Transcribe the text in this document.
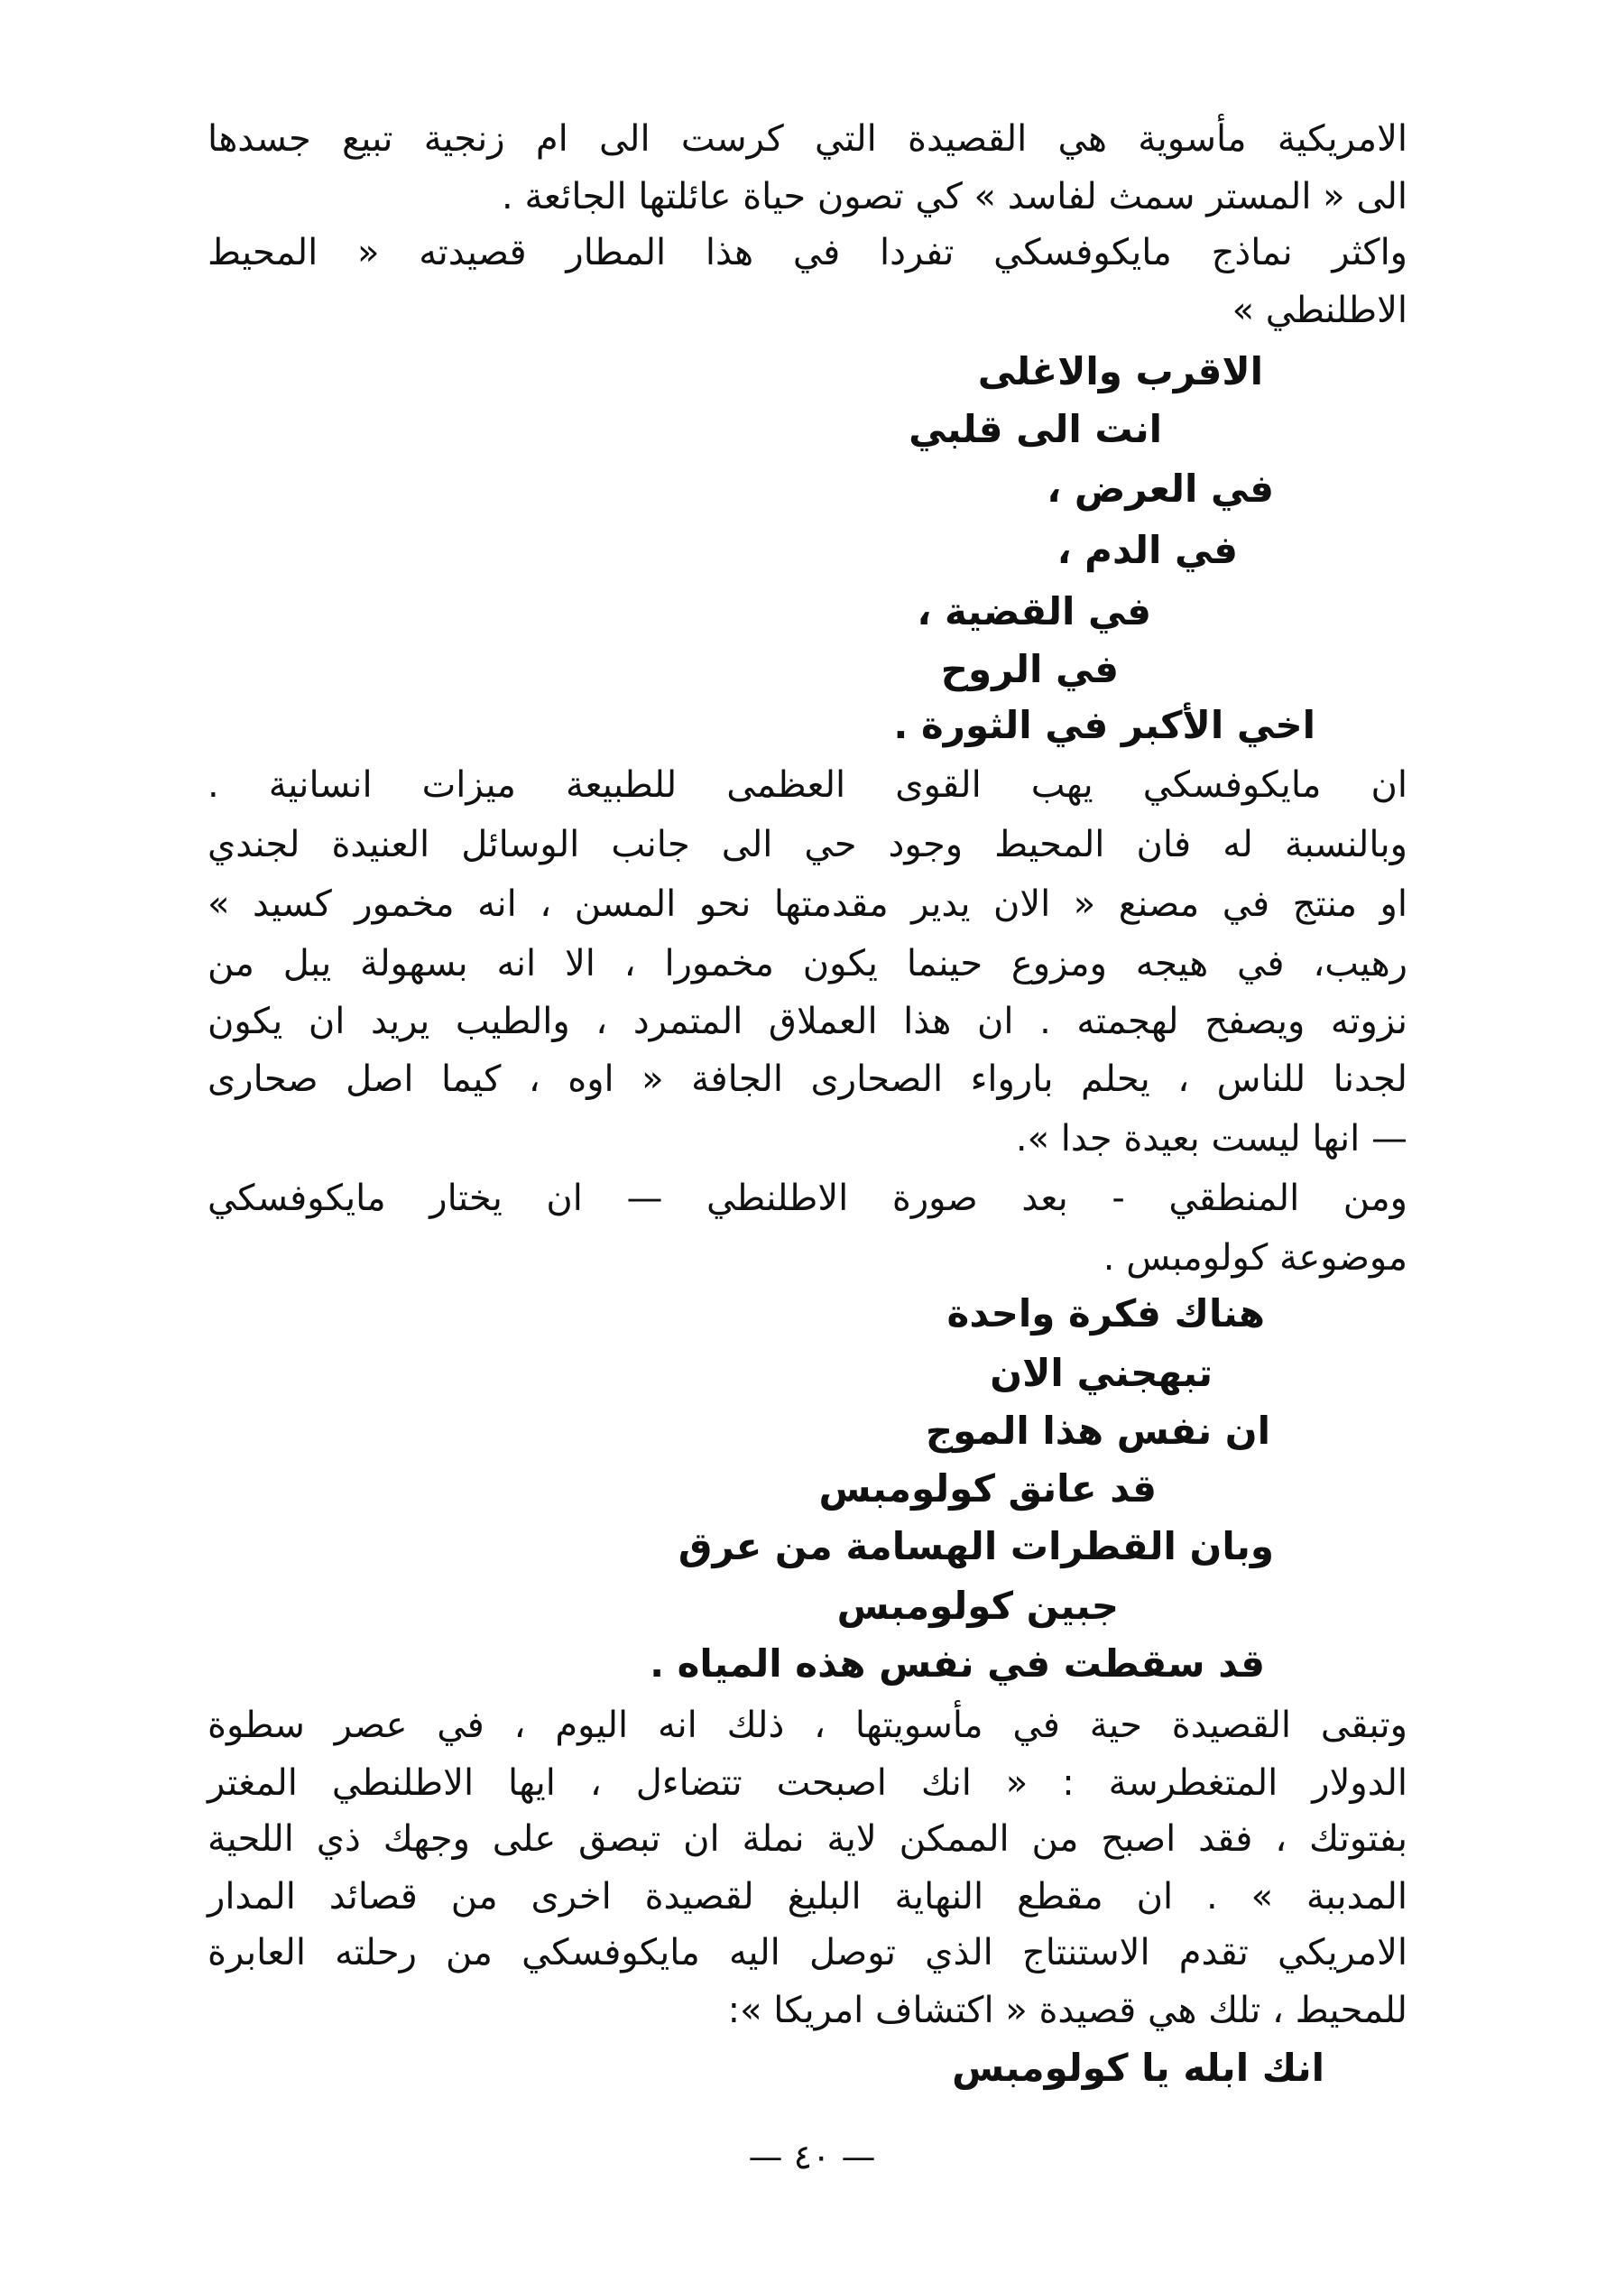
الامريكية مأسوية هي القصيدة التي كرست الى ام زنجية تبيع جسدها

الى « المستر سمث لفاسد » كي تصون حياة عائلتها الجائعة .

واكثر نماذج مايكوفسكي تفردا في هذا المطار قصيدته « المحيط

الاطلنطي »

الاقرب والاغلى

انت الى قلبي

في العرض ،

في الدم ،

في القضية ،

في الروح

اخي الأكبر في الثورة .

ان مايكوفسكي يهب القوى العظمى للطبيعة ميزات انسانية .

وبالنسبة له فان المحيط وجود حي الى جانب الوسائل العنيدة لجندي

او منتج في مصنع « الان يدير مقدمتها نحو المسن ، انه مخمور كسيد »

رهيب، في هيجه ومزوع حينما يكون مخمورا ، الا انه بسهولة يبل من

نزوته ويصفح لهجمته . ان هذا العملاق المتمرد ، والطيب يريد ان يكون

لجدنا للناس ، يحلم بارواء الصحارى الجافة « اوه ، كيما اصل صحارى

— انها ليست بعيدة جدا ».

ومن المنطقي - بعد صورة الاطلنطي — ان يختار مايكوفسكي

موضوعة كولومبس .

هناك فكرة واحدة

تبهجني الان

ان نفس هذا الموج

قد عانق كولومبس

وبان القطرات الهسامة من عرق

جبين كولومبس

قد سقطت في نفس هذه المياه .

وتبقى القصيدة حية في مأسويتها ، ذلك انه اليوم ، في عصر سطوة

الدولار المتغطرسة : « انك اصبحت تتضاءل ، ايها الاطلنطي المغتر

بفتوتك ، فقد اصبح من الممكن لاية نملة ان تبصق على وجهك ذي اللحية

المدببة » . ان مقطع النهاية البليغ لقصيدة اخرى من قصائد المدار

الامريكي تقدم الاستنتاج الذي توصل اليه مايكوفسكي من رحلته العابرة

للمحيط ، تلك هي قصيدة « اكتشاف امريكا »:

انك ابله يا كولومبس

— ٤٠ —
